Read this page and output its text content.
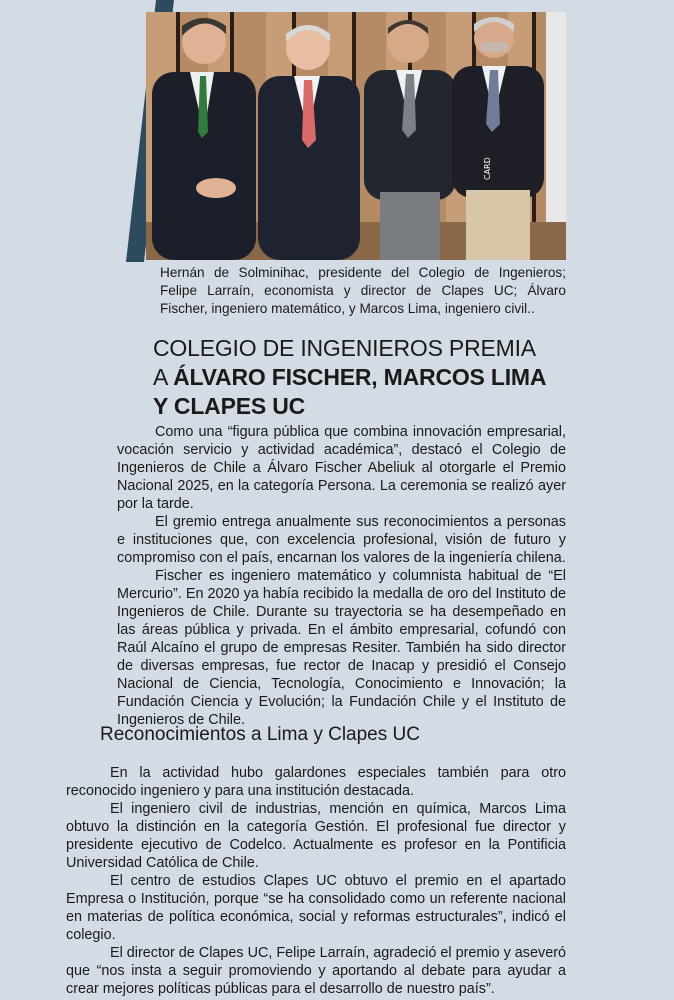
CARD
Hernán de Solminihac, presidente del Colegio de Ingenieros; Felipe Larraín, economista y director de Clapes UC; Álvaro Fischer, ingeniero matemático, y Marcos Lima, ingeniero civil..
COLEGIO DE INGENIEROS PREMIA
A ÁLVARO FISCHER, MARCOS LIMA
Y CLAPES UC

Como una “figura pública que combina innovación empresarial, vocación servicio y actividad académica”, destacó el Colegio de Ingenieros de Chile a Álvaro Fischer Abeliuk al otorgarle el Premio Nacional 2025, en la categoría Persona. La ceremonia se realizó ayer por la tarde.

El gremio entrega anualmente sus reconocimientos a personas e instituciones que, con excelencia profesional, visión de futuro y compromiso con el país, encarnan los valores de la ingeniería chilena.

Fischer es ingeniero matemático y columnista habitual de “El Mercurio”. En 2020 ya había recibido la medalla de oro del Instituto de Ingenieros de Chile. Durante su trayectoria se ha desempeñado en las áreas pública y privada. En el ámbito empresarial, cofundó con Raúl Alcaíno el grupo de empresas Resiter. También ha sido director de diversas empresas, fue rector de Inacap y presidió el Consejo Nacional de Ciencia, Tecnología, Conocimiento e Innovación; la Fundación Ciencia y Evolución; la Fundación Chile y el Instituto de Ingenieros de Chile.

Reconocimientos a Lima y Clapes UC

En la actividad hubo galardones especiales también para otro reconocido ingeniero y para una institución destacada.

El ingeniero civil de industrias, mención en química, Marcos Lima obtuvo la distinción en la categoría Gestión. El profesional fue director y presidente ejecutivo de Codelco. Actualmente es profesor en la Pontificia Universidad Católica de Chile.

El centro de estudios Clapes UC obtuvo el premio en el apartado Empresa o Institución, porque “se ha consolidado como un referente nacional en materias de política económica, social y reformas estructurales”, indicó el colegio.

El director de Clapes UC, Felipe Larraín, agradeció el premio y aseveró que “nos insta a seguir promoviendo y aportando al debate para ayudar a crear mejores políticas públicas para el desarrollo de nuestro país”.
